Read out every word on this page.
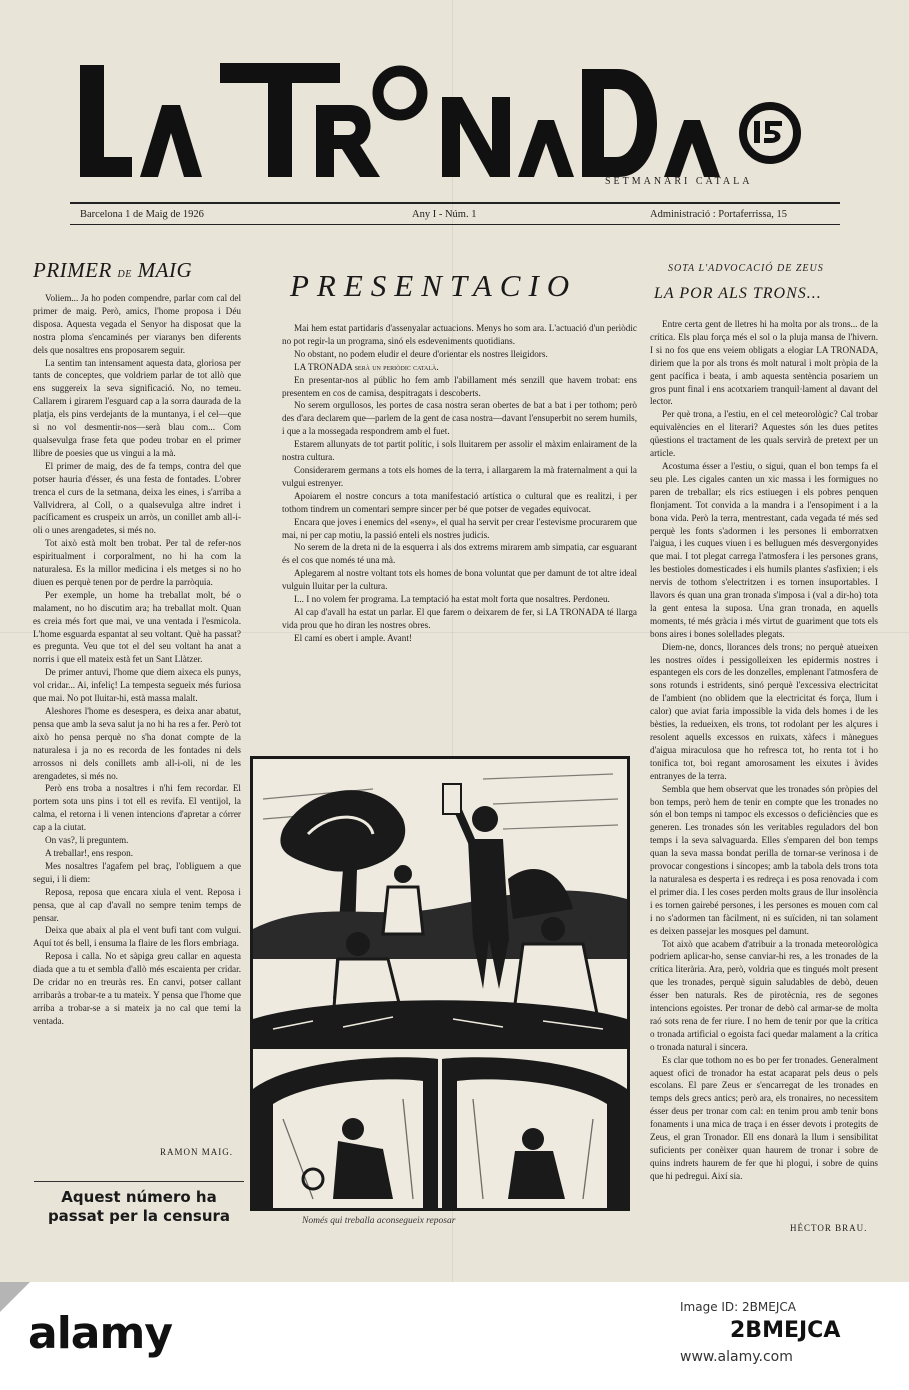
SETMANARI CATALA
Barcelona 1 de Maig de 1926	Any I - Núm. 1	Administració : Portaferrissa, 15
PRIMER de MAIG

Voliem... Ja ho poden compendre, parlar com cal del primer de maig. Però, amics, l'home proposa i Déu disposa. Aquesta vegada el Senyor ha disposat que la nostra ploma s'encaminés per viaranys ben diferents dels que nosaltres ens proposarem seguir.

La sentim tan intensament aquesta data, gloriosa per tants de conceptes, que voldriem parlar de tot allò que ens suggereix la seva significació. No, no temeu. Callarem i girarem l'esguard cap a la sorra daurada de la platja, els pins verdejants de la muntanya, i el cel—que si no vol desmentir-nos—serà blau com... Com qualsevulga frase feta que podeu trobar en el primer llibre de poesies que us vingui a la mà.

El primer de maig, des de fa temps, contra del que potser hauria d'ésser, és una festa de fontades. L'obrer trenca el curs de la setmana, deixa les eines, i s'arriba a Vallvidrera, al Coll, o a qualsevulga altre indret i pacíficament es cruspeix un arròs, un conillet amb all-i-oli o unes arengadetes, si més no.

Tot això està molt ben trobat. Per tal de refer-nos espiritualment i corporalment, no hi ha com la naturalesa. Es la millor medicina i els metges si no ho diuen es perquè tenen por de perdre la parròquia.

Per exemple, un home ha treballat molt, bé o malament, no ho discutim ara; ha treballat molt. Quan es creia més fort que mai, ve una ventada i l'esmicola. L'home esguarda espantat al seu voltant. Què ha passat? es pregunta. Veu que tot el del seu voltant ha anat a norris i que ell mateix està fet un Sant Llàtzer.

De primer antuvi, l'home que diem aixeca els punys, vol cridar... Ai, infeliç! La tempesta segueix més furiosa que mai. No pot lluitar-hi, està massa malalt.

Aleshores l'home es desespera, es deixa anar abatut, pensa que amb la seva salut ja no hi ha res a fer. Però tot això ho pensa perquè no s'ha donat compte de la naturalesa i ja no es recorda de les fontades ni dels arrossos ni dels conillets amb all-i-oli, ni de les arengadetes, si més no.

Però ens troba a nosaltres i n'hi fem recordar. El portem sota uns pins i tot ell es revifa. El ventijol, la calma, el retorna i li venen intencions d'apretar a córrer cap a la ciutat.

On vas?, li preguntem.

A treballar!, ens respon.

Mes nosaltres l'agafem pel braç, l'obliguem a que segui, i li diem:

Reposa, reposa que encara xiula el vent. Reposa i pensa, que al cap d'avall no sempre tenim temps de pensar.

Deixa que abaix al pla el vent bufi tant com vulgui. Aquí tot és bell, i ensuma la flaire de les flors embriaga.

Reposa i calla. No et sàpiga greu callar en aquesta diada que a tu et sembla d'allò més escaienta per cridar. De cridar no en treuràs res. En canvi, potser callant arribaràs a trobar-te a tu mateix. Y pensa que l'home que arriba a trobar-se a si mateix ja no cal que temi la ventada.

RAMON MAIG.
Aquest número ha passat per la censura
PRESENTACIO

Mai hem estat partidaris d'assenyalar actuacions. Menys ho som ara. L'actuació d'un periòdic no pot regir-la un programa, sinó els esdeveniments quotidians.

No obstant, no podem eludir el deure d'orientar els nostres lleigidors.

LA TRONADA serà un periòdic català.

En presentar-nos al públic ho fem amb l'abillament més senzill que havem trobat: ens presentem en cos de camisa, despitragats i descoberts.

No serem orgullosos, les portes de casa nostra seran obertes de bat a bat i per tothom; però des d'ara declarem que—parlem de la gent de casa nostra—davant l'ensuperbit no serem humils, i que a la mossegada respondrem amb el fuet.

Estarem allunyats de tot partit polític, i sols lluitarem per assolir el màxim enlairament de la nostra cultura.

Considerarem germans a tots els homes de la terra, i allargarem la mà fraternalment a qui la vulgui estrenyer.

Apoiarem el nostre concurs a tota manifestació artística o cultural que es realitzi, i per tothom tindrem un comentari sempre sincer per bé que potser de vegades equivocat.

Encara que joves i enemics del «seny», el qual ha servit per crear l'estevisme procurarem que mai, ni per cap motiu, la passió enteli els nostres judicis.

No serem de la dreta ni de la esquerra i als dos extrems mirarem amb simpatia, car esguarant és el cos que només té una mà.

Aplegarem al nostre voltant tots els homes de bona voluntat que per damunt de tot altre ideal vulguin lluitar per la cultura.

I... I no volem fer programa. La temptació ha estat molt forta que nosaltres. Perdoneu.

Al cap d'avall ha estat un parlar. El que farem o deixarem de fer, si LA TRONADA té llarga vida prou que ho diran les nostres obres.

El camí es obert i ample. Avant!

Només qui treballa aconsegueix reposar
SOTA L'ADVOCACIÓ DE ZEUS
LA POR ALS TRONS...

Entre certa gent de lletres hi ha molta por als trons... de la crítica. Els plau força més el sol o la pluja mansa de l'hivern. I si no fos que ens veiem obligats a elogiar LA TRONADA, diriem que la por als trons és molt natural i molt pròpia de la gent pacífica i beata, i amb aquesta sentència posariem un gros punt final i ens acotxariem tranquil·lament al davant del lector.

Per què trona, a l'estiu, en el cel meteorològic? Cal trobar equivalències en el literari? Aquestes són les dues petites qüestions el tractament de les quals servirà de pretext per un article.

Acostuma ésser a l'estiu, o sigui, quan el bon temps fa el seu ple. Les cigales canten un xic massa i les formigues no paren de treballar; els rics estiuegen i els pobres penquen flonjament. Tot convida a la mandra i a l'ensopiment i a la bona vida. Però la terra, mentrestant, cada vegada té més sed perquè les fonts s'adormen i les persones li emborratxen l'aigua, i les cuques viuen i es belluguen més desvergonyides que mai. I tot plegat carrega l'atmosfera i les persones grans, les bestioles domesticades i els humils plantes s'asfixien; i els nervis de tothom s'electritzen i es tornen insuportables. I llavors és quan una gran tronada s'imposa i (val a dir-ho) tota la gent entesa la suposa. Una gran tronada, en aquells moments, té més gràcia i més virtut de guariment que tots els bons aires i bones solellades plegats.

Diem-ne, doncs, llorances dels trons; no perquè atueixen les nostres oïdes i pessigolleixen les epidermis nostres i espantegen els cors de les donzelles, emplenant l'atmosfera de sons rotunds i estridents, sinó perquè l'excessiva electricitat de l'ambient (no oblidem que la electricitat és força, llum i calor) que aviat faria impossible la vida dels homes i de les bèsties, la redueixen, els trons, tot rodolant per les alçures i resolent aquells excessos en ruixats, xàfecs i mànegues d'aigua miraculosa que ho refresca tot, ho renta tot i ho tonifica tot, boi regant amorosament les eixutes i àvides entranyes de la terra.

Sembla que hem observat que les tronades són pròpies del bon temps, però hem de tenir en compte que les tronades no són el bon temps ni tampoc els excessos o deficiències que es generen. Les tronades són les veritables reguladors del bon temps i la seva salvaguarda. Elles s'emparen del bon temps quan la seva massa bondat perilla de tornar-se verinosa i de provocar congestions i síncopes; amb la tabola dels trons tota la naturalesa es desperta i es redreça i es posa renovada i com el primer dia. I les coses perden molts graus de llur insolència i es tornen gairebé persones, i les persones es mouen com cal i no s'adormen tan fàcilment, ni es suïciden, ni tan solament es deixen passejar les mosques pel damunt.

Tot això que acabem d'atribuir a la tronada meteorològica podriem aplicar-ho, sense canviar-hi res, a les tronades de la crítica literària. Ara, però, voldria que es tingués molt present que les tronades, perquè siguin saludables de debò, deuen ésser ben naturals. Res de pirotècnia, res de segones intencions egoistes. Per tronar de debò cal armar-se de molta raó sots rena de fer riure. I no hem de tenir por que la crítica o tronada artificial o egoista faci quedar malament a la crítica o tronada natural i sincera.

Es clar que tothom no es bo per fer tronades. Generalment aquest ofici de tronador ha estat acaparat pels deus o pels escolans. El pare Zeus er s'encarregat de les tronades en temps dels grecs antics; però ara, els tronaires, no necessitem ésser deus per tronar com cal: en tenim prou amb tenir bons fonaments i una mica de traça i en ésser devots i protegits de Zeus, el gran Tronador. Ell ens donarà la llum i sensibilitat suficients per conèixer quan haurem de tronar i sobre de quins indrets haurem de fer que hi plogui, i sobre de quins que hi pedregui. Així sia.

HÉCTOR BRAU.
alamy
Image ID: 2BMEJCA
2BMEJCA
www.alamy.com
